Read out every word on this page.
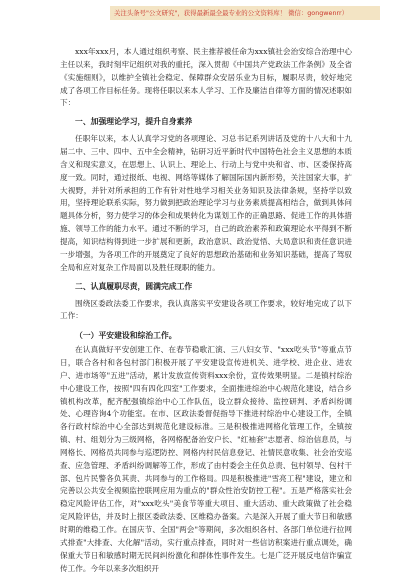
关注头条号"公文研究"，获得最新最全最专业的公文资料库！ 微信：gongwenrr）

xxx年xxx月，本人通过组织考察、民主推荐被任命为xxx镇社会治安综合治理中心主任以来，我时刻牢记组织对我的重托，深入贯彻《中国共产党政法工作条例》及全省《实施细则》，以维护全镇社会稳定、保障群众安居乐业为目标，履职尽责，较好地完成了各项工作目标任务。现将任职以来本人学习、工作及廉洁自律等方面的情况述职如下：

一、加强理论学习，提升自身素养

任职年以来，本人认真学习党的各项理论、习总书记系列讲话及党的十八大和十九届二中、三中、四中、五中全会精神，钻研习近平新时代中国特色社会主义思想的本质含义和现实意义，在思想上、认识上、理论上、行动上与党中央和省、市、区委保持高度一致。同时，通过报纸、电视、网络等媒体了解国际国内新形势，关注国家大事，扩大视野，并针对所承担的工作有针对性地学习相关业务知识及法律条规，坚持学以致用，坚持理论联系实际，努力做到把政治理论学习与业务素质提高相结合，做到具体问题具体分析，努力使学习的体会和成果转化为谋划工作的正确思路、促进工作的具体措施、领导工作的能力水平。通过不断的学习，自己的政治素养和政策理论水平得到不断提高，知识结构得到进一步扩展和更新，政治意识、政治觉悟、大局意识和责任意识进一步增强，为各项工作的开展奠定了良好的思想政治基础和业务知识基础，提高了驾驭全局和应对复杂工作局面以及胜任现职的能力。

二、认真履职尽责，圆满完成工作

围绕区委政法委工作要求，我认真落实平安建设各项工作要求，较好地完成了以下工作：

（一）平安建设和综治工作。

在认真做好平安创建工作、在春节稳歌汇演、三八妇女节、"xxx吃头节"等重点节日，联合各村和各包村部门积极开展了平安建设宣传进机关、进学校、进企业、进农户、进市场等"五进"活动，累计发放宣传资料xxx余份，宣传效果明显。二是镇村综治中心建设工作，按照"四有四化四室"工作要求，全面推进综治中心规范化建设，结合乡镇机构改革，配齐配强镇综治中心工作队伍，设立群众接待、监控研判、矛盾纠纷调处、心理咨询4个功能室。在市、区政法委督促指导下推进村综治中心建设工作，全镇各行政村综治中心全部达到规范化建设标准。三是积极推进网格化管理工作，全镇按镇、村、组划分为三级网格，各网格配备治安户长、"红袖套"志愿者、综治信息员，与网格长、网格员共同参与巡逻防控、网格内村民信息登记、社情民意收集、社会治安巡查、应急管理、矛盾纠纷调解等工作，形成了由村委会主任负总责、包村领导、包村干部、包片民警各负其责、共同参与的工作格局。四是积极推进"雪亮工程"建设，建立和完善以公共安全视频监控联网应用为重点的"群众性治安防控工程"。五是严格落实社会稳定风险评估工作，对"xxx吃头"美食节等重大项目、重大活动、重大政策做了社会稳定风险评估，并及时上报区委政法委、区维稳办备案。六是深入开展了重大节日和敏感时期的维稳工作。在国庆节、全国"两会"等期间，多次组织各村、各部门单位进行拉网式排查"大排查、大化解"活动，实行重点排查，同时对一些信访积案进行重点调处，确保重大节日和敏感时期无民间纠纷激化和群体性事件发生。七是广泛开展反电信诈骗宣传工作。今年以来多次组织开
